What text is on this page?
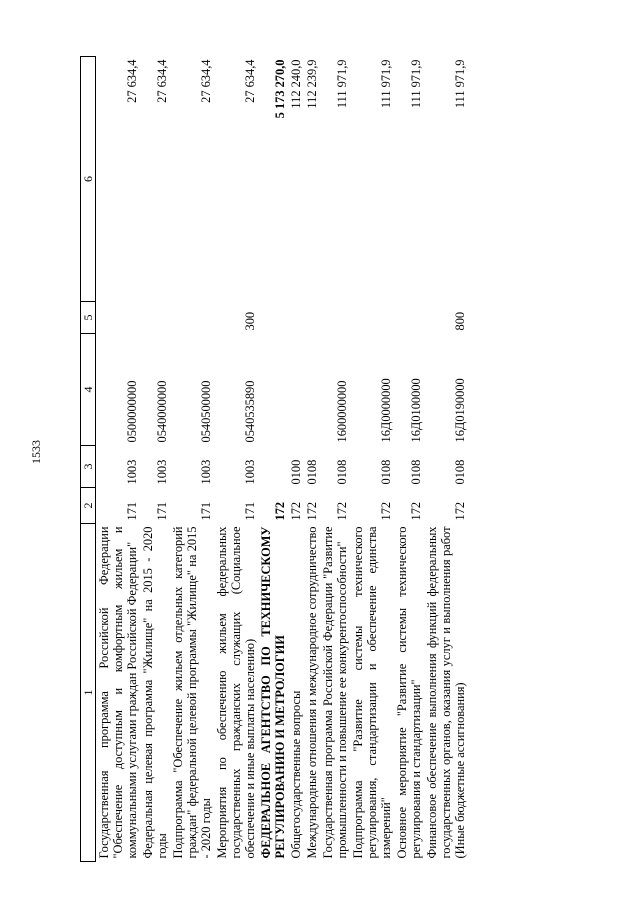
1533
1	2	3	4	5	6
Государственная программа Российской Федерации "Обеспечение доступным и комфортным жильем и коммунальными услугами граждан Российской Федерации"	171	1003	0500000000		27 634,4
Федеральная целевая программа "Жилище" на 2015 - 2020 годы	171	1003	0540000000		27 634,4
Подпрограмма "Обеспечение жильем отдельных категорий граждан" федеральной целевой программы "Жилище" на 2015 - 2020 годы	171	1003	0540500000		27 634,4
Мероприятия по обеспечению жильем федеральных государственных гражданских служащих (Социальное обеспечение и иные выплаты населению)	171	1003	0540535890	300	27 634,4
ФЕДЕРАЛЬНОЕ АГЕНТСТВО ПО ТЕХНИЧЕСКОМУ РЕГУЛИРОВАНИЮ И МЕТРОЛОГИИ	172				5 173 270,0
Общегосударственные вопросы	172	0100			112 240,0
Международные отношения и международное сотрудничество	172	0108			112 239,9
Государственная программа Российской Федерации "Развитие промышленности и повышение ее конкурентоспособности"	172	0108	1600000000		111 971,9
Подпрограмма "Развитие системы технического регулирования, стандартизации и обеспечение единства измерений"	172	0108	16Д0000000		111 971,9
Основное мероприятие "Развитие системы технического регулирования и стандартизации"	172	0108	16Д0100000		111 971,9
Финансовое обеспечение выполнения функций федеральных государственных органов, оказания услуг и выполнения работ (Иные бюджетные ассигнования)	172	0108	16Д0190000	800	111 971,9
